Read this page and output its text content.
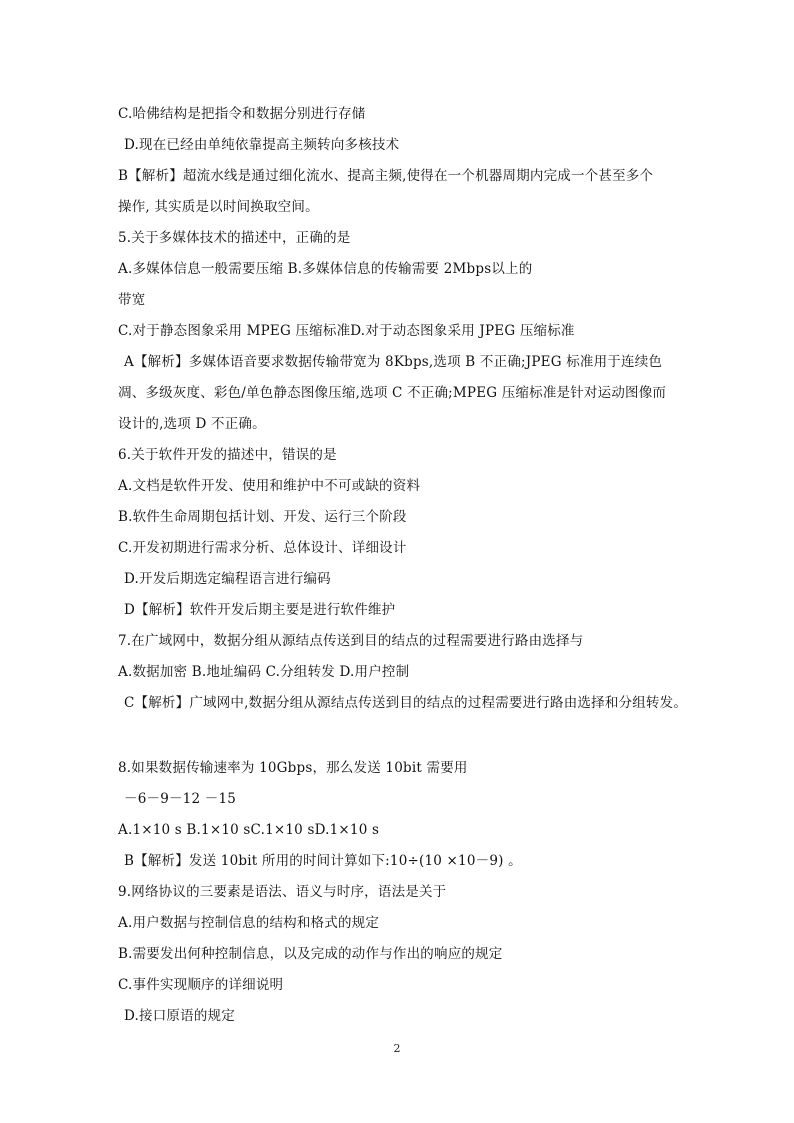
C.哈佛结构是把指令和数据分别进行存储
D.现在已经由单纯依靠提高主频转向多核技术
B【解析】超流水线是通过细化流水、提高主频,使得在一个机器周期内完成一个甚至多个
操作, 其实质是以时间换取空间。
5.关于多媒体技术的描述中，正确的是
A.多媒体信息一般需要压缩 B.多媒体信息的传输需要 2Mbps以上的
带宽
C.对于静态图象采用 MPEG 压缩标准D.对于动态图象采用 JPEG 压缩标准
A【解析】多媒体语音要求数据传输带宽为 8Kbps,选项 B 不正确;JPEG 标准用于连续色
凋、多级灰度、彩色/单色静态图像压缩,选项 C 不正确;MPEG 压缩标准是针对运动图像而
设计的,选项 D 不正确。
6.关于软件开发的描述中，错误的是
A.文档是软件开发、使用和维护中不可或缺的资料
B.软件生命周期包括计划、开发、运行三个阶段
C.开发初期进行需求分析、总体设计、详细设计
D.开发后期选定编程语言进行编码
D【解析】软件开发后期主要是进行软件维护
7.在广域网中，数据分组从源结点传送到目的结点的过程需要进行路由选择与
A.数据加密 B.地址编码 C.分组转发 D.用户控制
C【解析】广域网中,数据分组从源结点传送到目的结点的过程需要进行路由选择和分组转发。
8.如果数据传输速率为 10Gbps，那么发送 10bit 需要用
－6－9－12 －15
A.1×10 s B.1×10 sC.1×10 sD.1×10 s
B【解析】发送 10bit 所用的时间计算如下:10÷(10 ×10－9) 。
9.网络协议的三要素是语法、语义与时序，语法是关于
A.用户数据与控制信息的结构和格式的规定
B.需要发出何种控制信息，以及完成的动作与作出的响应的规定
C.事件实现顺序的详细说明
D.接口原语的规定
2
